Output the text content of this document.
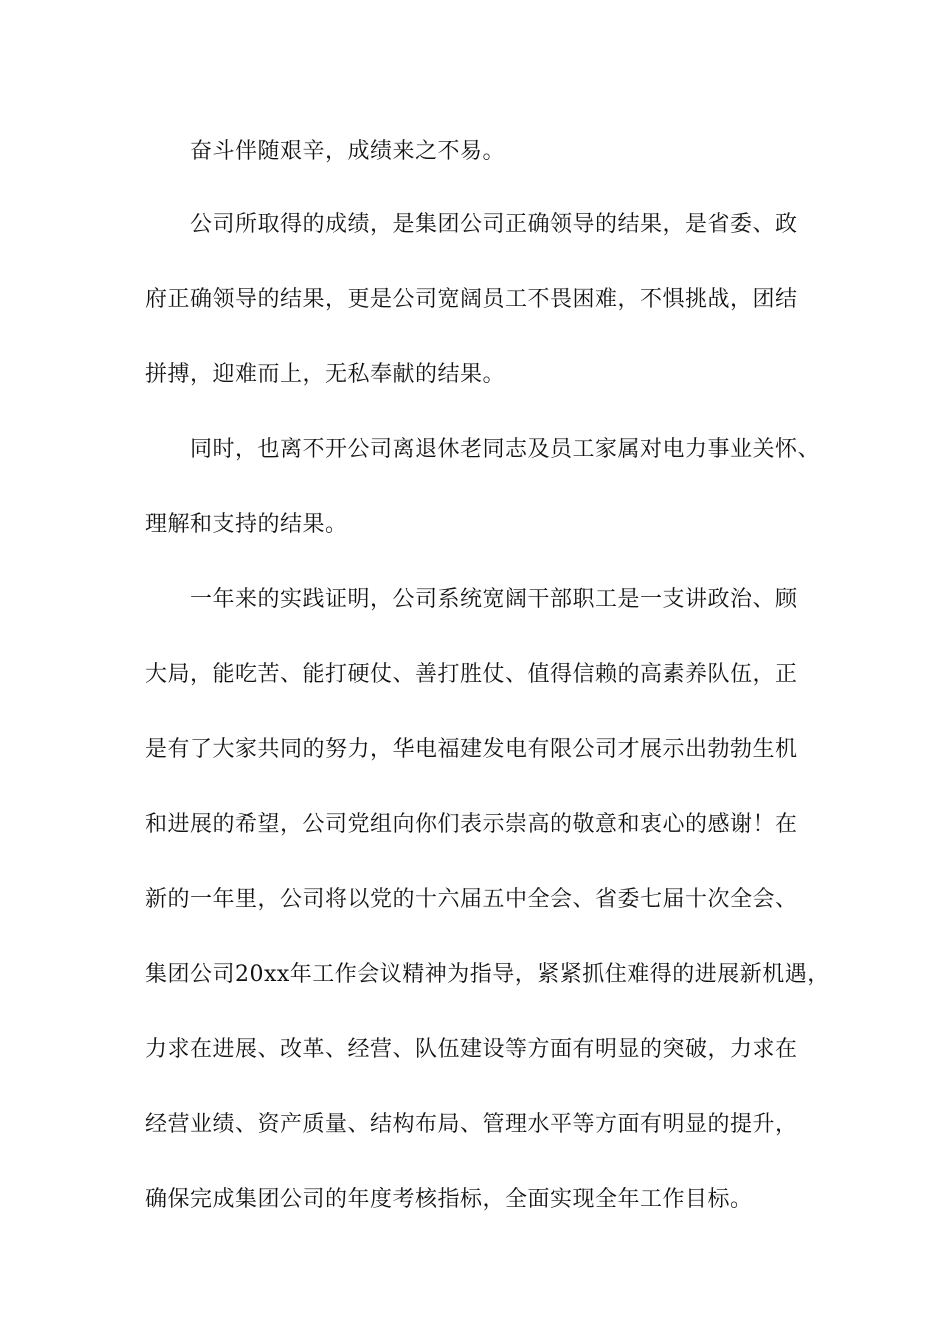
奋斗伴随艰辛，成绩来之不易。
公司所取得的成绩，是集团公司正确领导的结果，是省委、政
府正确领导的结果，更是公司宽阔员工不畏困难，不惧挑战，团结
拼搏，迎难而上，无私奉献的结果。
同时，也离不开公司离退休老同志及员工家属对电力事业关怀、
理解和支持的结果。
一年来的实践证明，公司系统宽阔干部职工是一支讲政治、顾
大局，能吃苦、能打硬仗、善打胜仗、值得信赖的高素养队伍，正
是有了大家共同的努力，华电福建发电有限公司才展示出勃勃生机
和进展的希望，公司党组向你们表示崇高的敬意和衷心的感谢！在
新的一年里，公司将以党的十六届五中全会、省委七届十次全会、
集团公司20xx年工作会议精神为指导，紧紧抓住难得的进展新机遇，
力求在进展、改革、经营、队伍建设等方面有明显的突破，力求在
经营业绩、资产质量、结构布局、管理水平等方面有明显的提升，
确保完成集团公司的年度考核指标，全面实现全年工作目标。
